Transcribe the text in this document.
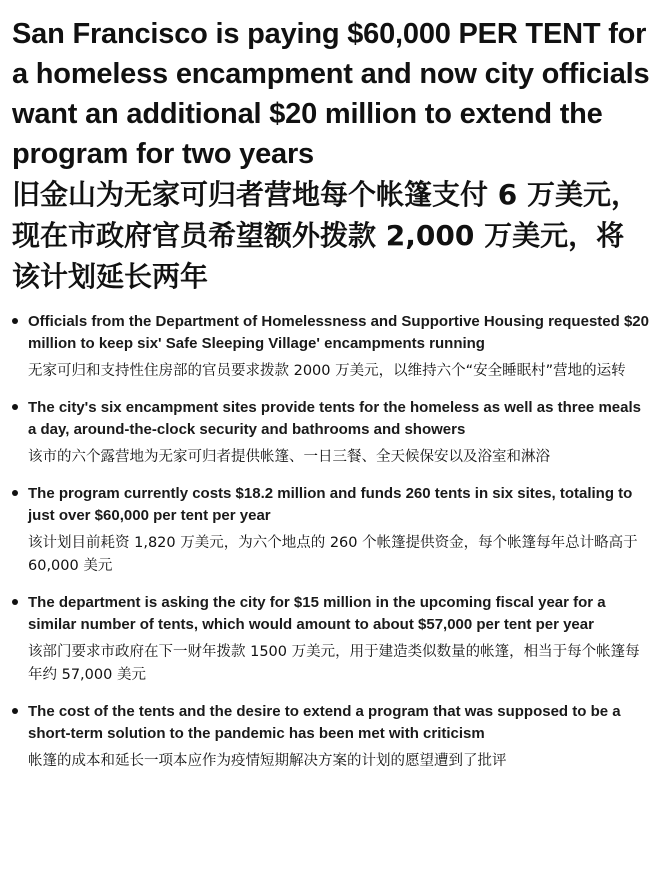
San Francisco is paying $60,000 PER TENT for a homeless encampment and now city officials want an additional $20 million to extend the program for two years
旧金山为无家可归者营地每个帐篷支付 6 万美元，现在市政府官员希望额外拨款 2,000 万美元，将该计划延长两年

Officials from the Department of Homelessness and Supportive Housing requested $20 million to keep six' Safe Sleeping Village' encampments running

无家可归和支持性住房部的官员要求拨款 2000 万美元，以维持六个“安全睡眠村”营地的运转

The city's six encampment sites provide tents for the homeless as well as three meals a day, around-the-clock security and bathrooms and showers

该市的六个露营地为无家可归者提供帐篷、一日三餐、全天候保安以及浴室和淋浴

The program currently costs $18.2 million and funds 260 tents in six sites, totaling to just over $60,000 per tent per year

该计划目前耗资 1,820 万美元，为六个地点的 260 个帐篷提供资金，每个帐篷每年总计略高于 60,000 美元

The department is asking the city for $15 million in the upcoming fiscal year for a similar number of tents, which would amount to about $57,000 per tent per year

该部门要求市政府在下一财年拨款 1500 万美元，用于建造类似数量的帐篷，相当于每个帐篷每年约 57,000 美元

The cost of the tents and the desire to extend a program that was supposed to be a short-term solution to the pandemic has been met with criticism

帐篷的成本和延长一项本应作为疫情短期解决方案的计划的愿望遭到了批评
